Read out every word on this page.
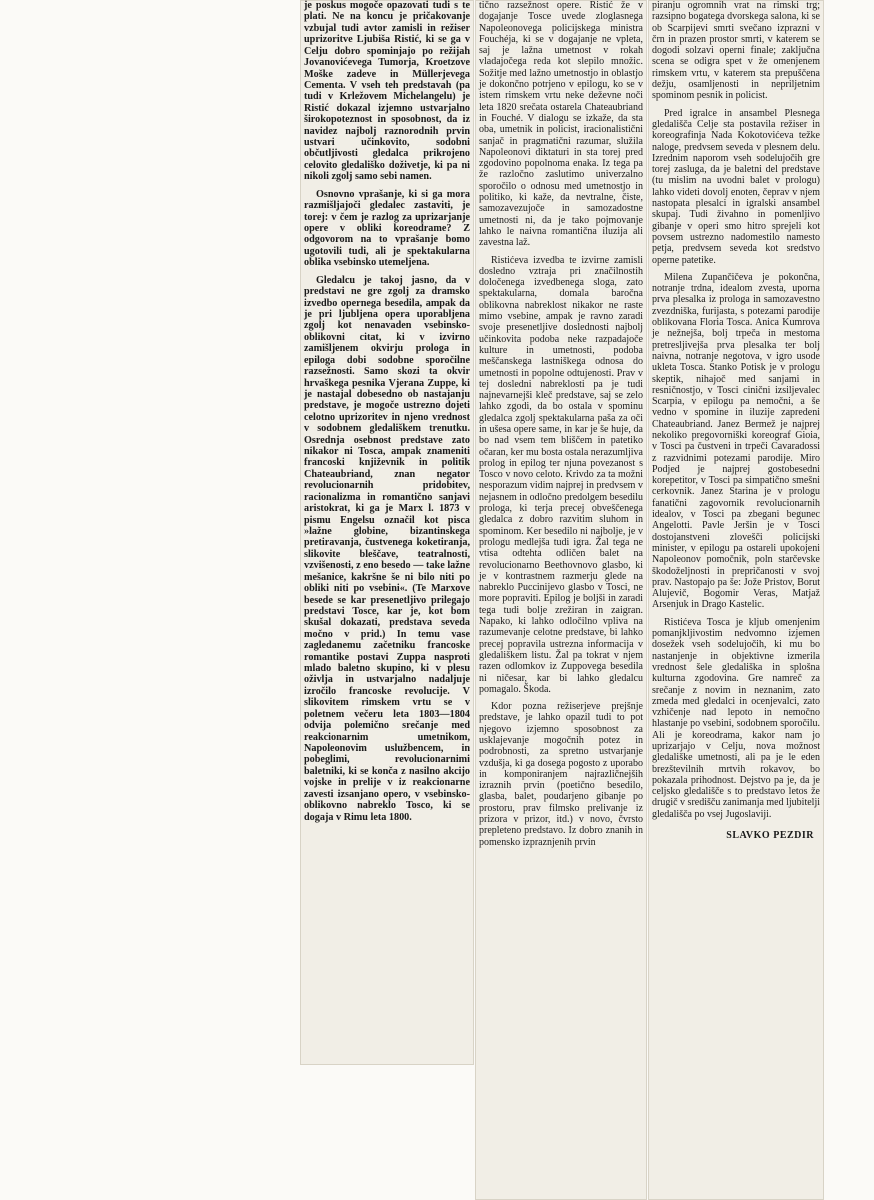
je poskus mogoče opazovati tudi s te plati. Ne na koncu je pričakovanje vzbujal tudi avtor zamisli in režiser uprizoritve Ljubiša Ristić, ki se ga v Celju dobro spominjajo po režijah Jovanovićevega Tumorja, Kroetzove Moške zadeve in Müllerjevega Cementa. V vseh teh predstavah (pa tudi v Krležovem Michelangelu) je Ristić dokazal izjemno ustvarjalno širokopoteznost in sposobnost, da iz navidez najbolj raznorodnih prvin ustvari učinkovito, sodobni občutljivosti gledalca prikrojeno celovito gledališko doživetje, ki pa ni nikoli zgolj samo sebi namen.

Osnovno vprašanje, ki si ga mora razmišljajoči gledalec zastaviti, je torej: v čem je razlog za uprizarjanje opere v obliki koreodrame? Z odgovorom na to vprašanje bomo ugotovili tudi, ali je spektakularna oblika vsebinsko utemeljena.

Gledalcu je takoj jasno, da v predstavi ne gre zgolj za dramsko izvedbo opernega besedila, ampak da je pri ljubljena opera uporabljena zgolj kot nenavaden vsebinsko-oblikovni citat, ki v izvirno zamišljenem okvirju prologa in epiloga dobi sodobne sporočilne razsežnosti. Samo skozi ta okvir hrvaškega pesnika Vjerana Zuppe, ki je nastajal dobesedno ob nastajanju predstave, je mogoče ustrezno dojeti celotno uprizoritev in njeno vrednost v sodobnem gledališkem trenutku. Osrednja osebnost predstave zato nikakor ni Tosca, ampak znameniti francoski književnik in politik Chateaubriand, znan negator revolucionarnih pridobitev, racionalizma in romantično sanjavi aristokrat, ki ga je Marx l. 1873 v pismu Engelsu označil kot pisca »lažne globine, bizantinskega pretiravanja, čustvenega koketiranja, slikovite bleščave, teatralnosti, vzvišenosti, z eno besedo — take lažne mešanice, kakršne še ni bilo niti po obliki niti po vsebini«. (Te Marxove besede se kar presenetljivo prilegajo predstavi Tosce, kar je, kot bom skušal dokazati, predstava seveda močno v prid.) In temu vase zagledanemu začetniku francoske romantike postavi Zuppa nasproti mlado baletno skupino, ki v plesu oživlja in ustvarjalno nadaljuje izročilo francoske revolucije. V slikovitem rimskem vrtu se v poletnem večeru leta 1803—1804 odvija polemično srečanje med reakcionarnim umetnikom, Napoleonovim uslužbencem, in pobeglimi, revolucionarnimi baletniki, ki se konča z nasilno akcijo vojske in prelije v iz reakcionarne zavesti izsanjano opero, v vsebinsko-oblikovno nabreklo Tosco, ki se dogaja v Rimu leta 1800.

tično razsežnost opere. Ristić že v dogajanje Tosce uvede zloglasnega Napoleonovega policijskega ministra Fouchéja, ki se v dogajanje ne vpleta, saj je lažna umetnost v rokah vladajočega reda kot slepilo množic. Sožitje med lažno umetnostjo in oblastjo je dokončno potrjeno v epilogu, ko se v istem rimskem vrtu neke deževne noči leta 1820 srečata ostarela Chateaubriand in Fouché. V dialogu se izkaže, da sta oba, umetnik in policist, iracionalistični sanjač in pragmatični razumar, služila Napoleonovi diktaturi in sta torej pred zgodovino popolnoma enaka. Iz tega pa že razločno zaslutimo univerzalno sporočilo o odnosu med umetnostjo in politiko, ki kaže, da nevtralne, čiste, samozavezujoče in samozadostne umetnosti ni, da je tako pojmovanje lahko le naivna romantična iluzija ali zavestna laž.

Ristićeva izvedba te izvirne zamisli dosledno vztraja pri značilnostih določenega izvedbenega sloga, zato spektakularna, domala baročna oblikovna nabreklost nikakor ne raste mimo vsebine, ampak je ravno zaradi svoje presenetljive doslednosti najbolj učinkovita podoba neke razpadajoče kulture in umetnosti, podoba meščanskega lastniškega odnosa do umetnosti in popolne odtujenosti. Prav v tej dosledni nabreklosti pa je tudi najnevarnejši kleč predstave, saj se zelo lahko zgodi, da bo ostala v spominu gledalca zgolj spektakularna paša za oči in ušesa opere same, in kar je še huje, da bo nad vsem tem bliščem in patetiko očaran, ker mu bosta ostala nerazumljiva prolog in epilog ter njuna povezanost s Tosco v novo celoto. Krivdo za ta možni nesporazum vidim najprej in predvsem v nejasnem in odločno predolgem besedilu prologa, ki terja precej obveščenega gledalca z dobro razvitim sluhom in spominom. Ker besedilo ni najbolje, je v prologu medlejša tudi igra. Žal tega ne vtisa odtehta odličen balet na revolucionarno Beethovnovo glasbo, ki je v kontrastnem razmerju glede na nabreklo Puccinijevo glasbo v Tosci, ne more popraviti. Epilog je boljši in zaradi tega tudi bolje zrežiran in zaigran. Napako, ki lahko odločilno vpliva na razumevanje celotne predstave, bi lahko precej popravila ustrezna informacija v gledališkem listu. Žal pa tokrat v njem razen odlomkov iz Zuppovega besedila ni ničesar, kar bi lahko gledalcu pomagalo. Škoda.

Kdor pozna režiserjeve prejšnje predstave, je lahko opazil tudi to pot njegovo izjemno sposobnost za usklajevanje mogočnih potez in podrobnosti, za spretno ustvarjanje vzdušja, ki ga dosega pogosto z uporabo in komponiranjem najrazličnejših izraznih prvin (poetično besedilo, glasba, balet, poudarjeno gibanje po prostoru, prav filmsko prelivanje iz prizora v prizor, itd.) v novo, čvrsto prepleteno predstavo. Iz dobro znanih in pomensko izpraznjenih prvin

piranju ogromnih vrat na rimski trg; razsipno bogatega dvorskega salona, ki se ob Scarpijevi smrti svečano izprazni v črn in prazen prostor smrti, v katerem se dogodi solzavi operni finale; zaključna scena se odigra spet v že omenjenem rimskem vrtu, v katerem sta prepuščena dežju, osamljenosti in nepriljetnim spominom pesnik in policist.

Pred igralce in ansambel Plesnega gledališča Celje sta postavila režiser in koreografinja Nada Kokotovićeva težke naloge, predvsem seveda v plesnem delu. Izrednim naporom vseh sodelujočih gre torej zasluga, da je baletni del predstave (tu mislim na uvodni balet v prologu) lahko videti dovolj enoten, čeprav v njem nastopata plesalci in igralski ansambel skupaj. Tudi živahno in pomenljivo gibanje v operi smo hitro sprejeli kot povsem ustrezno nadomestilo namesto petja, predvsem seveda kot sredstvo operne patetike.

Milena Zupančičeva je pokončna, notranje trdna, idealom zvesta, uporna prva plesalka iz prologa in samozavestno zvezdniška, furijasta, s potezami parodije oblikovana Floria Tosca. Anica Kumrova je nežnejša, bolj trpeča in mestoma pretresljivejša prva plesalka ter bolj naivna, notranje negotova, v igro usode ukleta Tosca. Stanko Potisk je v prologu skeptik, nihajoč med sanjami in resničnostjo, v Tosci cinični izsiljevalec Scarpia, v epilogu pa nemočni, a še vedno v spomine in iluzije zapredeni Chateaubriand. Janez Bermež je najprej nekoliko pregovorniški koreograf Gioia, v Tosci pa čustveni in trpeči Cavaradossi z razvidnimi potezami parodije. Miro Podjed je najprej gostobesedni korepetitor, v Tosci pa simpatično smešni cerkovnik. Janez Starina je v prologu fanatični zagovornik revolucionarnih idealov, v Tosci pa zbegani begunec Angelotti. Pavle Jeršin je v Tosci dostojanstveni zlovešči policijski minister, v epilogu pa ostareli upokojeni Napoleonov pomočnik, poln starčevske škodoželjnosti in prepričanosti v svoj prav. Nastopajo pa še: Jože Pristov, Borut Alujevič, Bogomir Veras, Matjaž Arsenjuk in Drago Kastelic.

Ristićeva Tosca je kljub omenjenim pomanjkljivostim nedvomno izjemen dosežek vseh sodelujočih, ki mu bo nastanjenje in objektivne izmerila vrednost šele gledališka in splošna kulturna zgodovina. Gre namreč za srečanje z novim in neznanim, zato zmeda med gledalci in ocenjevalci, zato vzhičenje nad lepoto in nemočno hlastanje po vsebini, sodobnem sporočilu. Ali je koreodrama, kakor nam jo uprizarjajo v Celju, nova možnost gledališke umetnosti, ali pa je le eden brezštevilnih mrtvih rokavov, bo pokazala prihodnost. Dejstvo pa je, da je celjsko gledališče s to predstavo letos že drugič v središču zanimanja med ljubitelji gledališča po vsej Jugoslaviji.

SLAVKO PEZDIR
